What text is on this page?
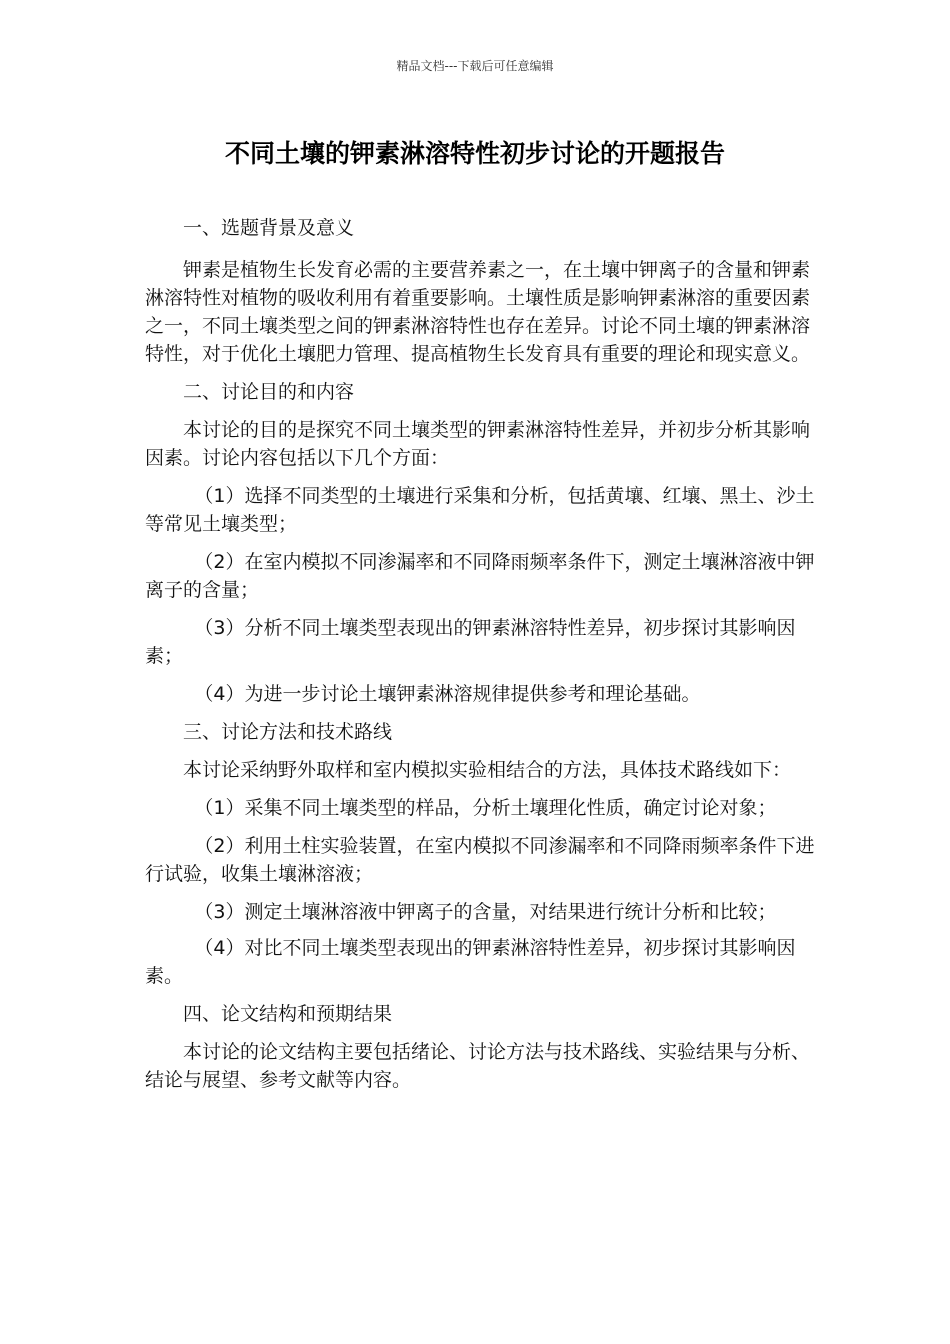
精品文档---下载后可任意编辑
不同土壤的钾素淋溶特性初步讨论的开题报告

一、选题背景及意义

钾素是植物生长发育必需的主要营养素之一，在土壤中钾离子的含量和钾素淋溶特性对植物的吸收利用有着重要影响。土壤性质是影响钾素淋溶的重要因素之一，不同土壤类型之间的钾素淋溶特性也存在差异。讨论不同土壤的钾素淋溶特性，对于优化土壤肥力管理、提高植物生长发育具有重要的理论和现实意义。

二、讨论目的和内容

本讨论的目的是探究不同土壤类型的钾素淋溶特性差异，并初步分析其影响因素。讨论内容包括以下几个方面：

（1）选择不同类型的土壤进行采集和分析，包括黄壤、红壤、黑土、沙土等常见土壤类型；

（2）在室内模拟不同渗漏率和不同降雨频率条件下，测定土壤淋溶液中钾离子的含量；

（3）分析不同土壤类型表现出的钾素淋溶特性差异，初步探讨其影响因素；

（4）为进一步讨论土壤钾素淋溶规律提供参考和理论基础。

三、讨论方法和技术路线

本讨论采纳野外取样和室内模拟实验相结合的方法，具体技术路线如下：

（1）采集不同土壤类型的样品，分析土壤理化性质，确定讨论对象；

（2）利用土柱实验装置，在室内模拟不同渗漏率和不同降雨频率条件下进行试验，收集土壤淋溶液；

（3）测定土壤淋溶液中钾离子的含量，对结果进行统计分析和比较；

（4）对比不同土壤类型表现出的钾素淋溶特性差异，初步探讨其影响因素。

四、论文结构和预期结果

本讨论的论文结构主要包括绪论、讨论方法与技术路线、实验结果与分析、结论与展望、参考文献等内容。
